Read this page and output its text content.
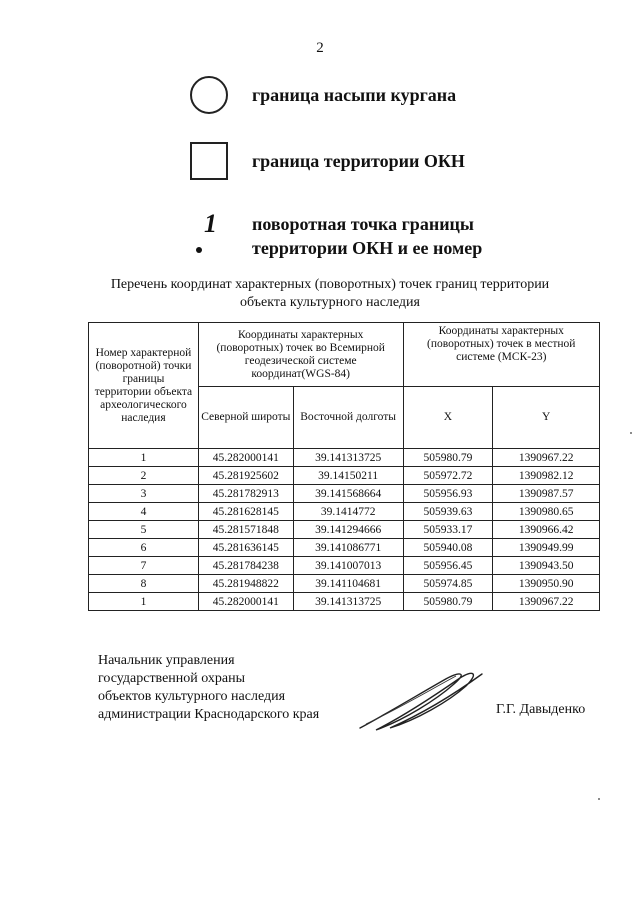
2
граница насыпи кургана
граница территории ОКН
1 поворотная точка границы
территории ОКН и ее номер
Перечень координат характерных (поворотных) точек границ территории
объекта культурного наследия
Номер характерной (поворотной) точки границы территории объекта археологического наследия	Координаты характерных (поворотных) точек во Всемирной геодезической системе координат(WGS-84)		Координаты характерных (поворотных) точек в местной системе (МСК-23)	
	Северной широты	Восточной долготы	X	Y
1	45.282000141	39.141313725	505980.79	1390967.22
2	45.281925602	39.14150211	505972.72	1390982.12
3	45.281782913	39.141568664	505956.93	1390987.57
4	45.281628145	39.1414772	505939.63	1390980.65
5	45.281571848	39.141294666	505933.17	1390966.42
6	45.281636145	39.141086771	505940.08	1390949.99
7	45.281784238	39.141007013	505956.45	1390943.50
8	45.281948822	39.141104681	505974.85	1390950.90
1	45.282000141	39.141313725	505980.79	1390967.22
Начальник управления
государственной охраны
объектов культурного наследия
администрации Краснодарского края	Г.Г. Давыденко
